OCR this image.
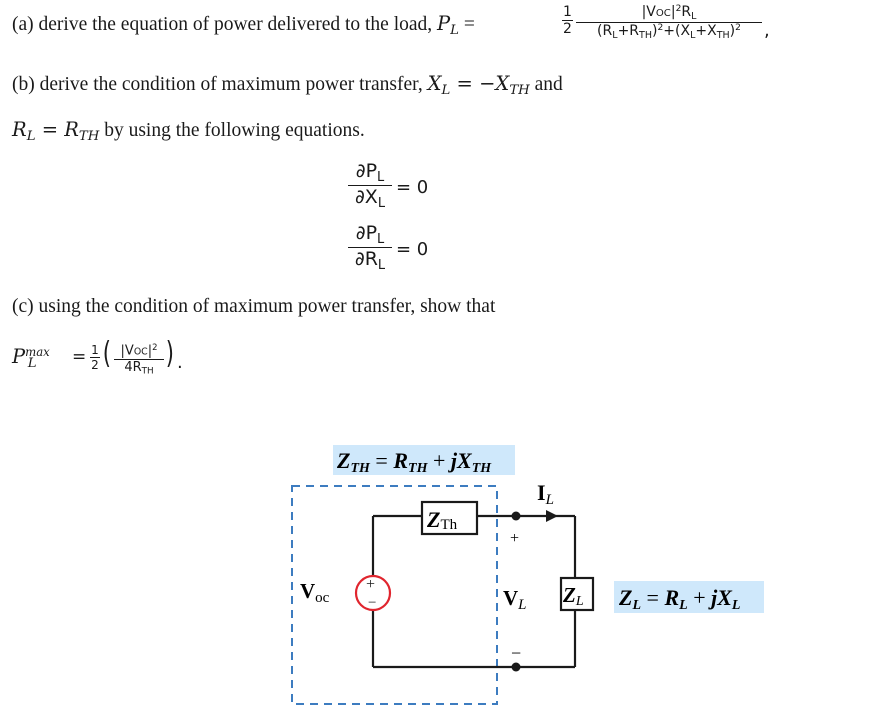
(a) derive the equation of power delivered to the load, $P_L$ =	$\frac{1}{2}$	$|VOC|^2R_L$
$(R_L+R_{TH})^2+(X_L+X_{TH})^2$	,
(b) derive the condition of maximum power transfer, $X_L = -X_{TH}$ and
$R_L = R_{TH}$ by using the following equations.
$\frac{\partial P_L}{\partial X_L} = 0$
$\frac{\partial P_L}{\partial R_L} = 0$
(c) using the condition of maximum power transfer, show that
$P^{max}_L = \frac{1}{2}$ ( $|VOC|^2$
$4R_{TH}$
) .
ZTh
ZL
+
−
ZTH = RTH + jXTH
IL
Voc
+
VL
−
ZL = RL + jXL
